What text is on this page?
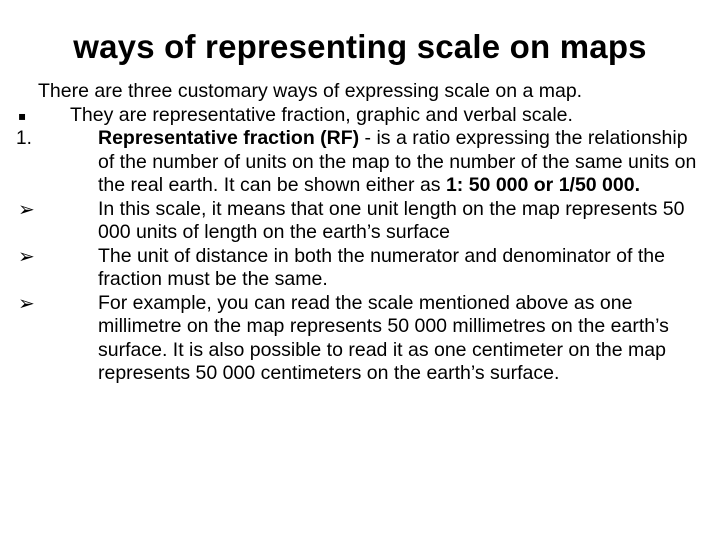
ways of representing scale on maps
There are three customary ways of expressing scale on a map.
▪	They are representative fraction, graphic and verbal scale.
1.	Representative fraction (RF) - is a ratio expressing the relationship of the number of units on the map to the number of the same units on the real earth. It can be shown either as 1: 50 000 or 1/50 000.
➢	In this scale, it means that one unit length on the map represents 50 000 units of length on the earth’s surface
➢	The unit of distance in both the numerator and denominator of the fraction must be the same.
➢	For example, you can read the scale mentioned above as one millimetre on the map represents 50 000 millimetres on the earth’s surface. It is also possible to read it as one centimeter on the map represents 50 000 centimeters on the earth’s surface.
